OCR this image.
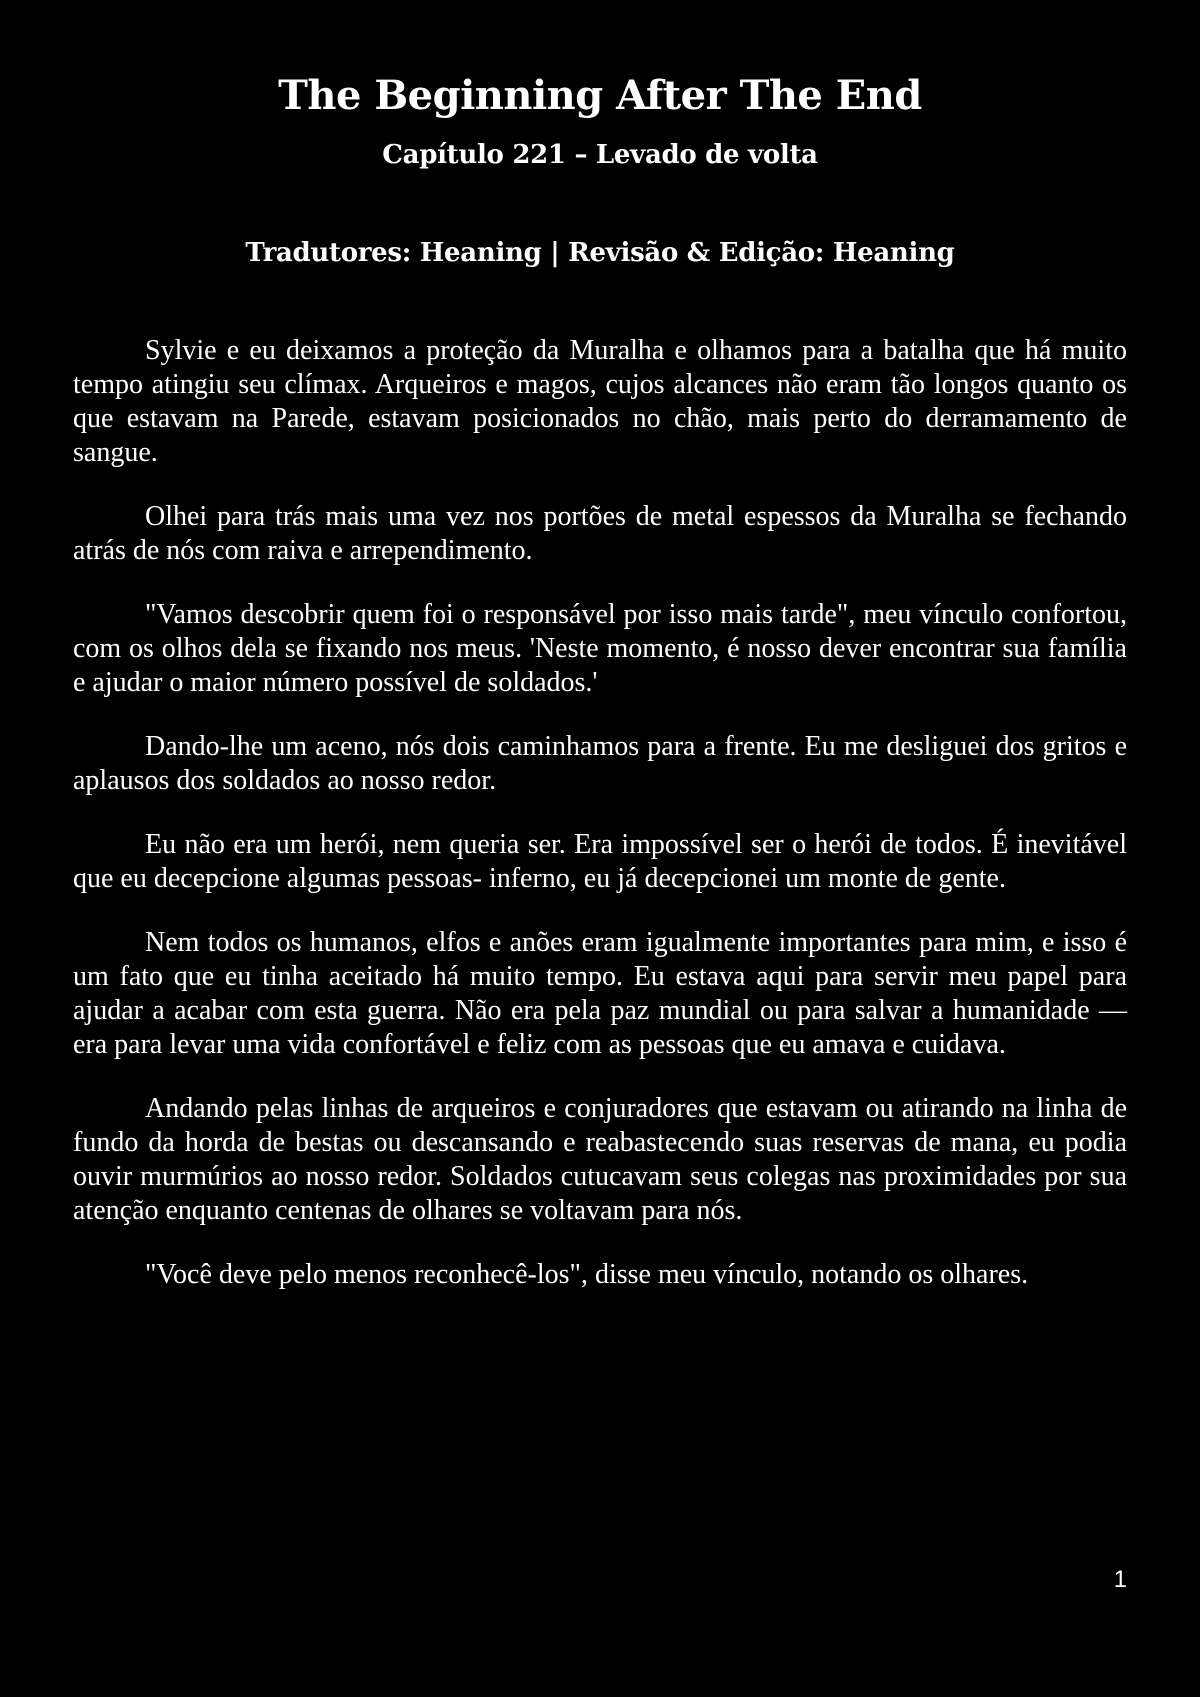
The Beginning After The End
Capítulo 221 – Levado de volta
Tradutores: Heaning | Revisão & Edição: Heaning

Sylvie e eu deixamos a proteção da Muralha e olhamos para a batalha que há muito tempo atingiu seu clímax. Arqueiros e magos, cujos alcances não eram tão longos quanto os que estavam na Parede, estavam posicionados no chão, mais perto do derramamento de sangue.

Olhei para trás mais uma vez nos portões de metal espessos da Muralha se fechando atrás de nós com raiva e arrependimento.

"Vamos descobrir quem foi o responsável por isso mais tarde", meu vínculo confortou, com os olhos dela se fixando nos meus. 'Neste momento, é nosso dever encontrar sua família e ajudar o maior número possível de soldados.'

Dando-lhe um aceno, nós dois caminhamos para a frente. Eu me desliguei dos gritos e aplausos dos soldados ao nosso redor.

Eu não era um herói, nem queria ser. Era impossível ser o herói de todos. É inevitável que eu decepcione algumas pessoas- inferno, eu já decepcionei um monte de gente.

Nem todos os humanos, elfos e anões eram igualmente importantes para mim, e isso é um fato que eu tinha aceitado há muito tempo. Eu estava aqui para servir meu papel para ajudar a acabar com esta guerra. Não era pela paz mundial ou para salvar a humanidade — era para levar uma vida confortável e feliz com as pessoas que eu amava e cuidava.

Andando pelas linhas de arqueiros e conjuradores que estavam ou atirando na linha de fundo da horda de bestas ou descansando e reabastecendo suas reservas de mana, eu podia ouvir murmúrios ao nosso redor. Soldados cutucavam seus colegas nas proximidades por sua atenção enquanto centenas de olhares se voltavam para nós.

"Você deve pelo menos reconhecê-los", disse meu vínculo, notando os olhares.

1
